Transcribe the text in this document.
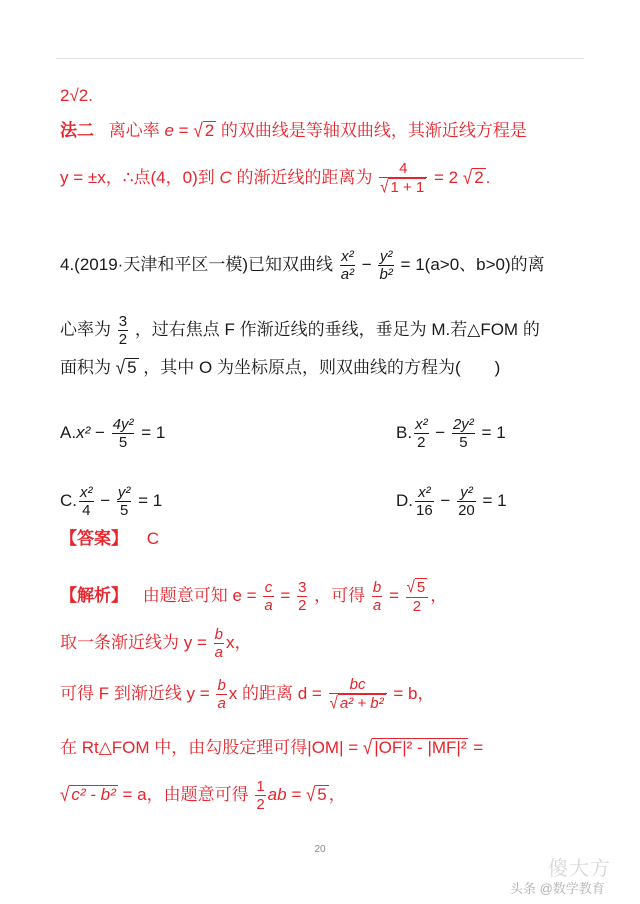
2√2.
法二 离心率 e = √ 2 的双曲线是等轴双曲线，其渐近线方程是
y = ±x，∴点(4，0)到 C 的渐近线的距离为 $\frac{4}{√ 1 + 1} = 2$ √ 2 .
4.(2019·天津和平区一模)已知双曲线 $\frac{\text{x²}}{\text{a²}} - \frac{\text{y²}}{\text{b²}} = 1(a>0$、b>0)的离
心率为 $\frac{3}{2}$ ，过右焦点 F 作渐近线的垂线，垂足为 M.若△FOM 的
面积为 √ 5 ，其中 O 为坐标原点，则双曲线的方程为(　　)
$A.x^2 - \frac{\text{4y²}}{5} = 1$	B. $\frac{\text{x²}}{2} - \frac{\text{2y²}}{5} = 1$
C. $\frac{\text{x²}}{4} - \frac{\text{y²}}{5} = 1$	D. $\frac{\text{x²}}{16} - \frac{\text{y²}}{20} = 1$
【答案】 C
【解析】 由题意可知 $e = \frac{c}{a} = \frac{3}{2}$ ，可得 $\frac{b}{a} = \frac{√ 5}{2}$ ，
取一条渐近线为 $y = \frac{b}{a}$ x，
可得 F 到渐近线 $y = \frac{b}{a}$ x 的距离 $d = \frac{bc}{\text{√ a² + b²}} = b$，
在 Rt△FOM 中，由勾股定理可得|OM| = √ |OF|² - |MF|² =
√ c² - b² = a，由题意可得 $\frac{1}{2}$ ab = √ 5 ，
20
傻大方
头条 @数学教育
